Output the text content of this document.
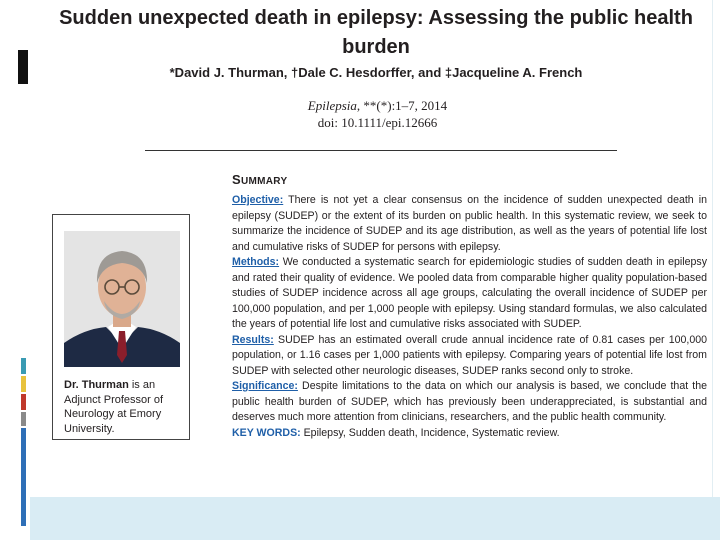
Sudden unexpected death in epilepsy: Assessing the public health burden
*David J. Thurman, †Dale C. Hesdorffer, and ‡Jacqueline A. French
Epilepsia, **(*):1–7, 2014
doi: 10.1111/epi.12666
SUMMARY

Objective: There is not yet a clear consensus on the incidence of sudden unexpected death in epilepsy (SUDEP) or the extent of its burden on public health. In this systematic review, we seek to summarize the incidence of SUDEP and its age distribution, as well as the years of potential life lost and cumulative risks of SUDEP for persons with epilepsy.

Methods: We conducted a systematic search for epidemiologic studies of sudden death in epilepsy and rated their quality of evidence. We pooled data from comparable higher quality population-based studies of SUDEP incidence across all age groups, calculating the overall incidence of SUDEP per 100,000 population, and per 1,000 people with epilepsy. Using standard formulas, we also calculated the years of potential life lost and cumulative risks associated with SUDEP.

Results: SUDEP has an estimated overall crude annual incidence rate of 0.81 cases per 100,000 population, or 1.16 cases per 1,000 patients with epilepsy. Comparing years of potential life lost from SUDEP with selected other neurologic diseases, SUDEP ranks second only to stroke.

Significance: Despite limitations to the data on which our analysis is based, we conclude that the public health burden of SUDEP, which has previously been underappreciated, is substantial and deserves much more attention from clinicians, researchers, and the public health community.

KEY WORDS: Epilepsy, Sudden death, Incidence, Systematic review.

Dr. Thurman is an Adjunct Professor of Neurology at Emory University.
